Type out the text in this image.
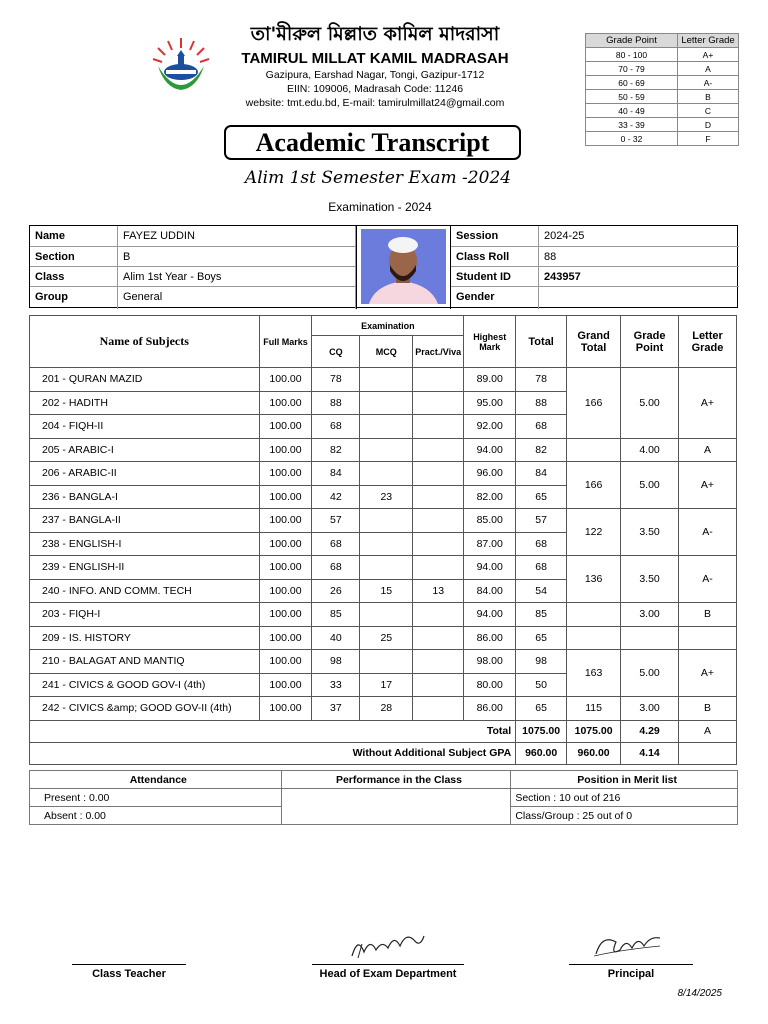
তা'মীরুল মিল্লাত কামিল মাদরাসা
TAMIRUL MILLAT KAMIL MADRASAH
Gazipura, Earshad Nagar, Tongi, Gazipur-1712
EIIN: 109006, Madrasah Code: 11246
website: tmt.edu.bd, E-mail: tamirulmillat24@gmail.com
Academic Transcript
Alim 1st Semester Exam -2024
Examination - 2024
Grade Point	Letter Grade
80 - 100	A+
70 - 79	A
60 - 69	A-
50 - 59	B
40 - 49	C
33 - 39	D
0 - 32	F
Name	FAYEZ UDDIN
Section	B
Class	Alim 1st Year - Boys
Group	General
Session	2024-25
Class Roll	88
Student ID	243957
Gender
Name of Subjects	Full Marks	Examination			Highest Mark	Total	Grand Total	Grade Point	Letter Grade
		CQ	MCQ	Pract./Viva					
201 - QURAN MAZID	100.00	78			89.00	78	166	5.00	A+
202 - HADITH	100.00	88			95.00	88			
204 - FIQH-II	100.00	68			92.00	68			
205 - ARABIC-I	100.00	82			94.00	82		4.00	A
206 - ARABIC-II	100.00	84			96.00	84	166	5.00	A+
236 - BANGLA-I	100.00	42	23		82.00	65			
237 - BANGLA-II	100.00	57			85.00	57	122	3.50	A-
238 - ENGLISH-I	100.00	68			87.00	68			
239 - ENGLISH-II	100.00	68			94.00	68	136	3.50	A-
240 - INFO. AND COMM. TECH	100.00	26	15	13	84.00	54			
203 - FIQH-I	100.00	85			94.00	85		3.00	B
209 - IS. HISTORY	100.00	40	25		86.00	65			
210 - BALAGAT AND MANTIQ	100.00	98			98.00	98	163	5.00	A+
241 - CIVICS & GOOD GOV-I (4th)	100.00	33	17		80.00	50			
242 - CIVICS &amp; GOOD GOV-II (4th)	100.00	37	28		86.00	65	115	3.00	B
Total						1075.00	1075.00	4.29	A
Without Additional Subject GPA						960.00	960.00	4.14	
Attendance	Performance in the Class	Position in Merit list
Present : 0.00		Section : 10 out of 216
Absent : 0.00		Class/Group : 25 out of 0
Class Teacher	Head of Exam Department	Principal
8/14/2025
